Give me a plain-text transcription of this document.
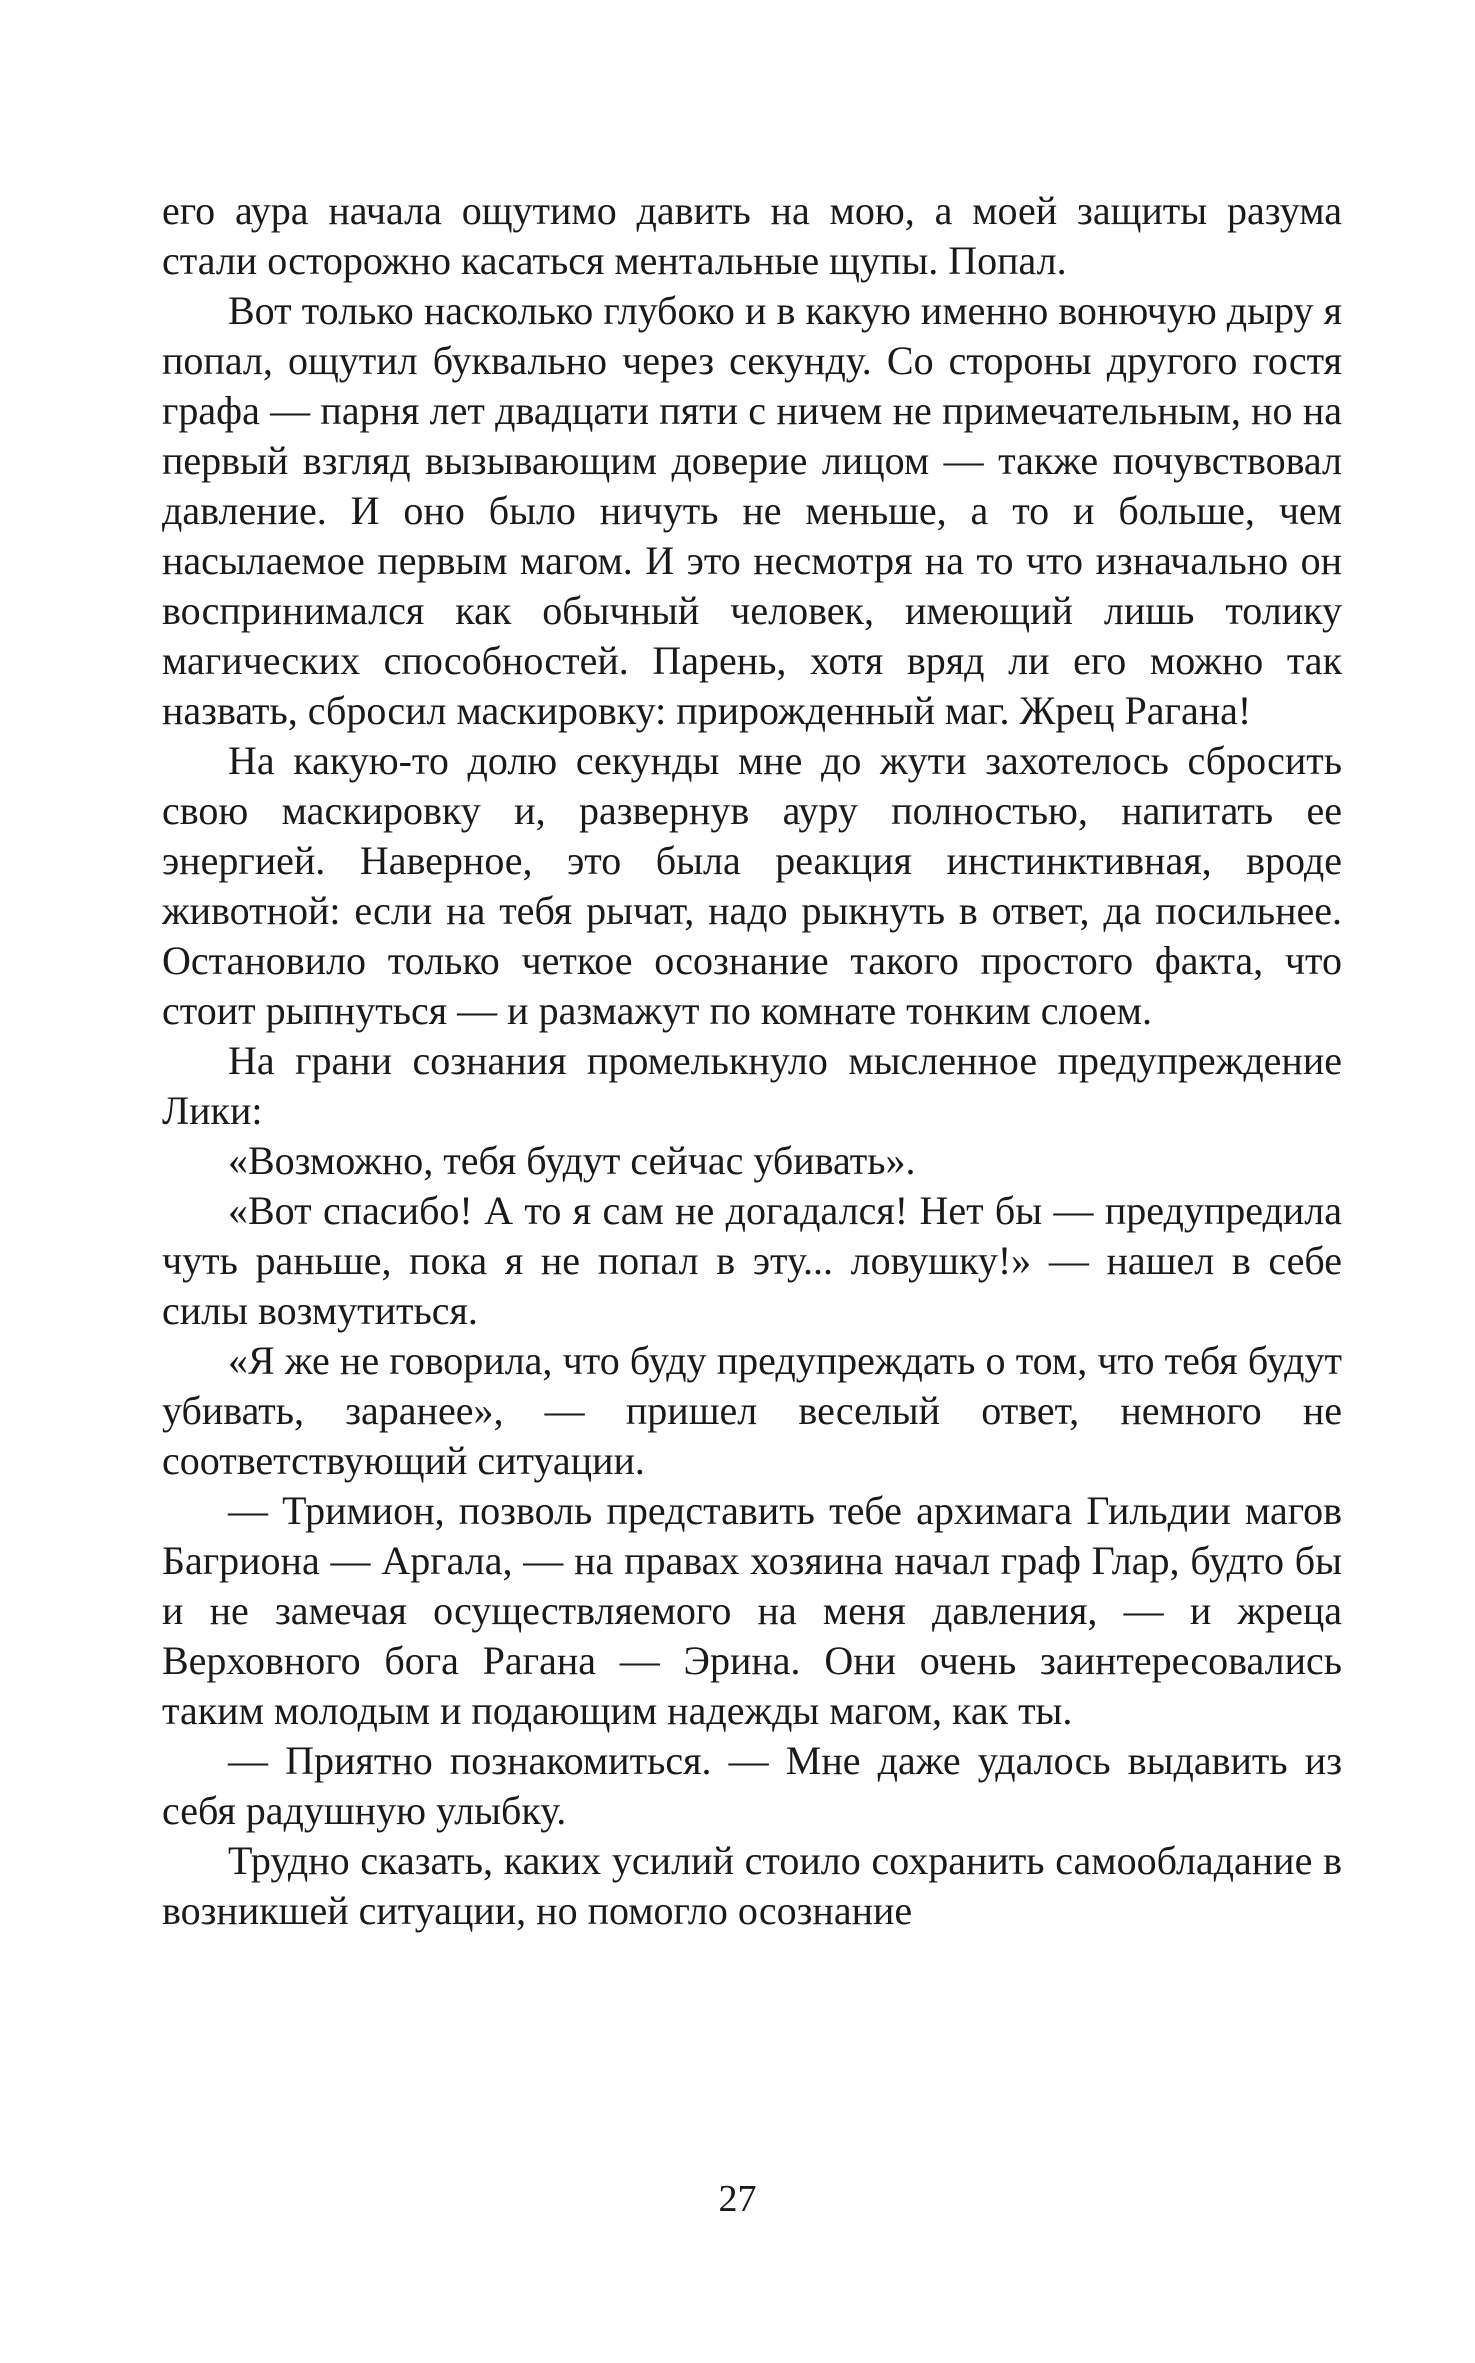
его аура начала ощутимо давить на мою, а моей защиты разума стали осторожно касаться ментальные щупы. Попал.

Вот только насколько глубоко и в какую именно вонючую дыру я попал, ощутил буквально через секунду. Со стороны другого гостя графа — парня лет двадцати пяти с ничем не примечательным, но на первый взгляд вызывающим доверие лицом — также почувствовал давление. И оно было ничуть не меньше, а то и больше, чем насылаемое первым магом. И это несмотря на то что изначально он воспринимался как обычный человек, имеющий лишь толику магических способностей. Парень, хотя вряд ли его можно так назвать, сбросил маскировку: прирожденный маг. Жрец Рагана!

На какую-то долю секунды мне до жути захотелось сбросить свою маскировку и, развернув ауру полностью, напитать ее энергией. Наверное, это была реакция инстинктивная, вроде животной: если на тебя рычат, надо рыкнуть в ответ, да посильнее. Остановило только четкое осознание такого простого факта, что стоит рыпнуться — и размажут по комнате тонким слоем.

На грани сознания промелькнуло мысленное предупреждение Лики:

«Возможно, тебя будут сейчас убивать».

«Вот спасибо! А то я сам не догадался! Нет бы — предупредила чуть раньше, пока я не попал в эту... ловушку!» — нашел в себе силы возмутиться.

«Я же не говорила, что буду предупреждать о том, что тебя будут убивать, заранее», — пришел веселый ответ, немного не соответствующий ситуации.

— Тримион, позволь представить тебе архимага Гильдии магов Багриона — Аргала, — на правах хозяина начал граф Глар, будто бы и не замечая осуществляемого на меня давления, — и жреца Верховного бога Рагана — Эрина. Они очень заинтересовались таким молодым и подающим надежды магом, как ты.

— Приятно познакомиться. — Мне даже удалось выдавить из себя радушную улыбку.

Трудно сказать, каких усилий стоило сохранить самообладание в возникшей ситуации, но помогло осознание

27
